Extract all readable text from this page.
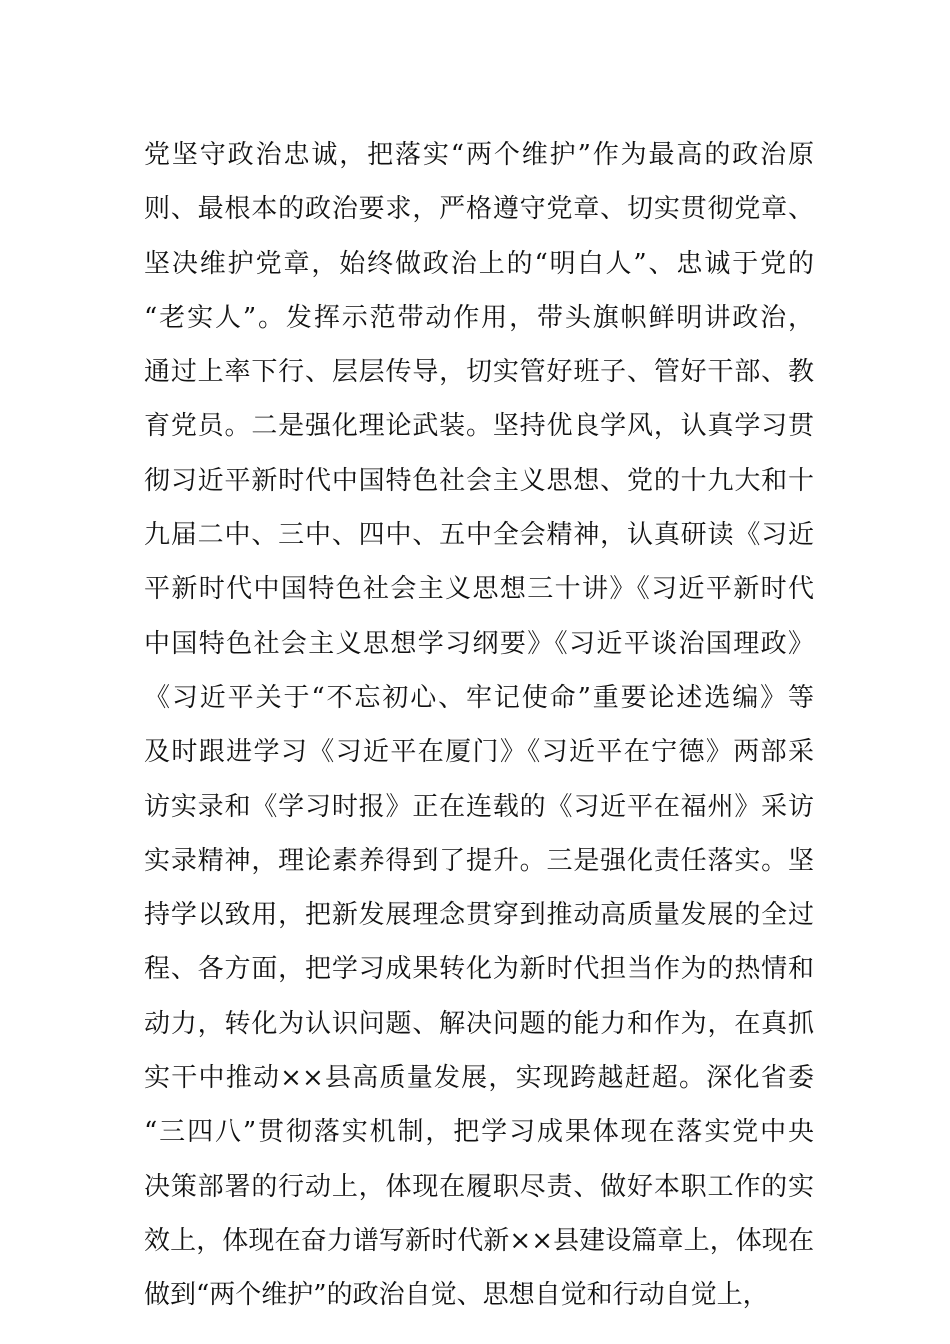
党坚守政治忠诚，把落实“两个维护”作为最高的政治原
则、最根本的政治要求，严格遵守党章、切实贯彻党章、
坚决维护党章，始终做政治上的“明白人”、忠诚于党的
“老实人”。发挥示范带动作用，带头旗帜鲜明讲政治，
通过上率下行、层层传导，切实管好班子、管好干部、教
育党员。二是强化理论武装。坚持优良学风，认真学习贯
彻习近平新时代中国特色社会主义思想、党的十九大和十
九届二中、三中、四中、五中全会精神，认真研读《习近
平新时代中国特色社会主义思想三十讲》《习近平新时代
中国特色社会主义思想学习纲要》《习近平谈治国理政》
《习近平关于“不忘初心、牢记使命”重要论述选编》等
及时跟进学习《习近平在厦门》《习近平在宁德》两部采
访实录和《学习时报》正在连载的《习近平在福州》采访
实录精神，理论素养得到了提升。三是强化责任落实。坚
持学以致用，把新发展理念贯穿到推动高质量发展的全过
程、各方面，把学习成果转化为新时代担当作为的热情和
动力，转化为认识问题、解决问题的能力和作为，在真抓
实干中推动××县高质量发展，实现跨越赶超。深化省委
“三四八”贯彻落实机制，把学习成果体现在落实党中央
决策部署的行动上，体现在履职尽责、做好本职工作的实
效上，体现在奋力谱写新时代新××县建设篇章上，体现在
做到“两个维护”的政治自觉、思想自觉和行动自觉上，
